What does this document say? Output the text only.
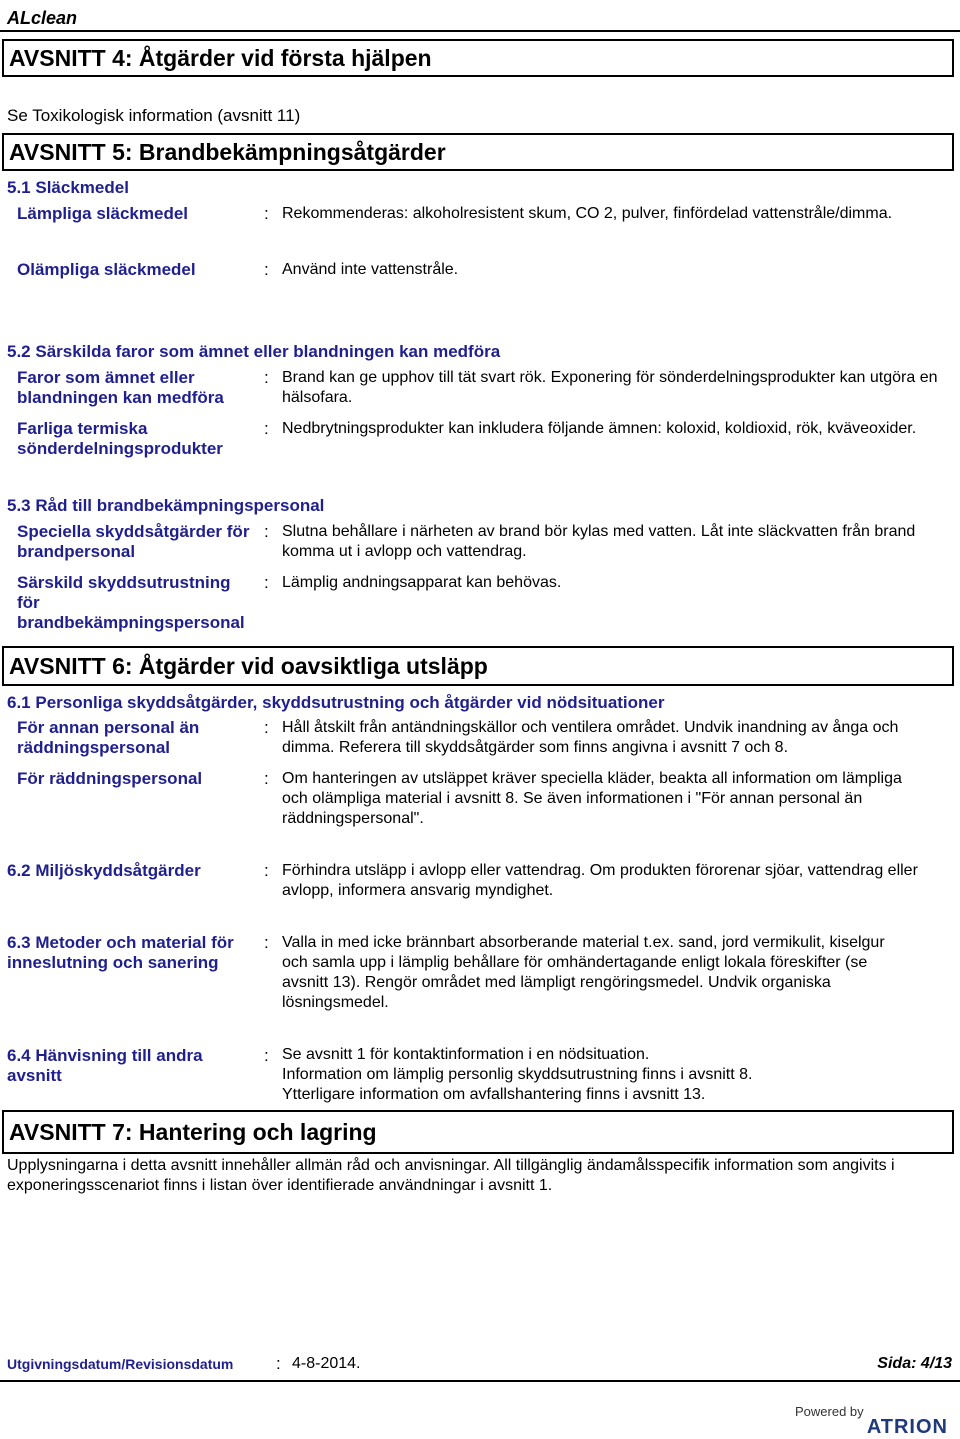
ALclean
AVSNITT 4: Åtgärder vid första hjälpen
Se Toxikologisk information (avsnitt 11)
AVSNITT 5: Brandbekämpningsåtgärder
5.1 Släckmedel
Lämpliga släckmedel	: Rekommenderas: alkoholresistent skum, CO 2, pulver, finfördelad vattenstråle/dimma.
Olämpliga släckmedel	: Använd inte vattenstråle.
5.2 Särskilda faror som ämnet eller blandningen kan medföra
Faror som ämnet eller blandningen kan medföra
: Brand kan ge upphov till tät svart rök. Exponering för sönderdelningsprodukter kan utgöra en hälsofara.
Farliga termiska sönderdelningsprodukter
: Nedbrytningsprodukter kan inkludera följande ämnen: koloxid, koldioxid, rök, kväveoxider.
5.3 Råd till brandbekämpningspersonal
Speciella skyddsåtgärder för brandpersonal
: Slutna behållare i närheten av brand bör kylas med vatten. Låt inte släckvatten från brand komma ut i avlopp och vattendrag.
Särskild skyddsutrustning för brandbekämpningspersonal
: Lämplig andningsapparat kan behövas.
AVSNITT 6: Åtgärder vid oavsiktliga utsläpp
6.1 Personliga skyddsåtgärder, skyddsutrustning och åtgärder vid nödsituationer
För annan personal än räddningspersonal
: Håll åtskilt från antändningskällor och ventilera området. Undvik inandning av ånga och dimma. Referera till skyddsåtgärder som finns angivna i avsnitt 7 och 8.
För räddningspersonal	: Om hanteringen av utsläppet kräver speciella kläder, beakta all information om lämpliga och olämpliga material i avsnitt 8. Se även informationen i "För annan personal än räddningspersonal".
6.2 Miljöskyddsåtgärder	: Förhindra utsläpp i avlopp eller vattendrag. Om produkten förorenar sjöar, vattendrag eller avlopp, informera ansvarig myndighet.
6.3 Metoder och material för inneslutning och sanering
: Valla in med icke brännbart absorberande material t.ex. sand, jord vermikulit, kiselgur och samla upp i lämplig behållare för omhändertagande enligt lokala föreskifter (se avsnitt 13). Rengör området med lämpligt rengöringsmedel. Undvik organiska lösningsmedel.
6.4 Hänvisning till andra avsnitt
: Se avsnitt 1 för kontaktinformation i en nödsituation.
Information om lämplig personlig skyddsutrustning finns i avsnitt 8.
Ytterligare information om avfallshantering finns i avsnitt 13.
AVSNITT 7: Hantering och lagring
Upplysningarna i detta avsnitt innehåller allmän råd och anvisningar. All tillgänglig ändamålsspecifik information som angivits i exponeringsscenariot finns i listan över identifierade användningar i avsnitt 1.
Utgivningsdatum/Revisionsdatum	: 4-8-2014.	Sida: 4/13
Powered by
ATRION
